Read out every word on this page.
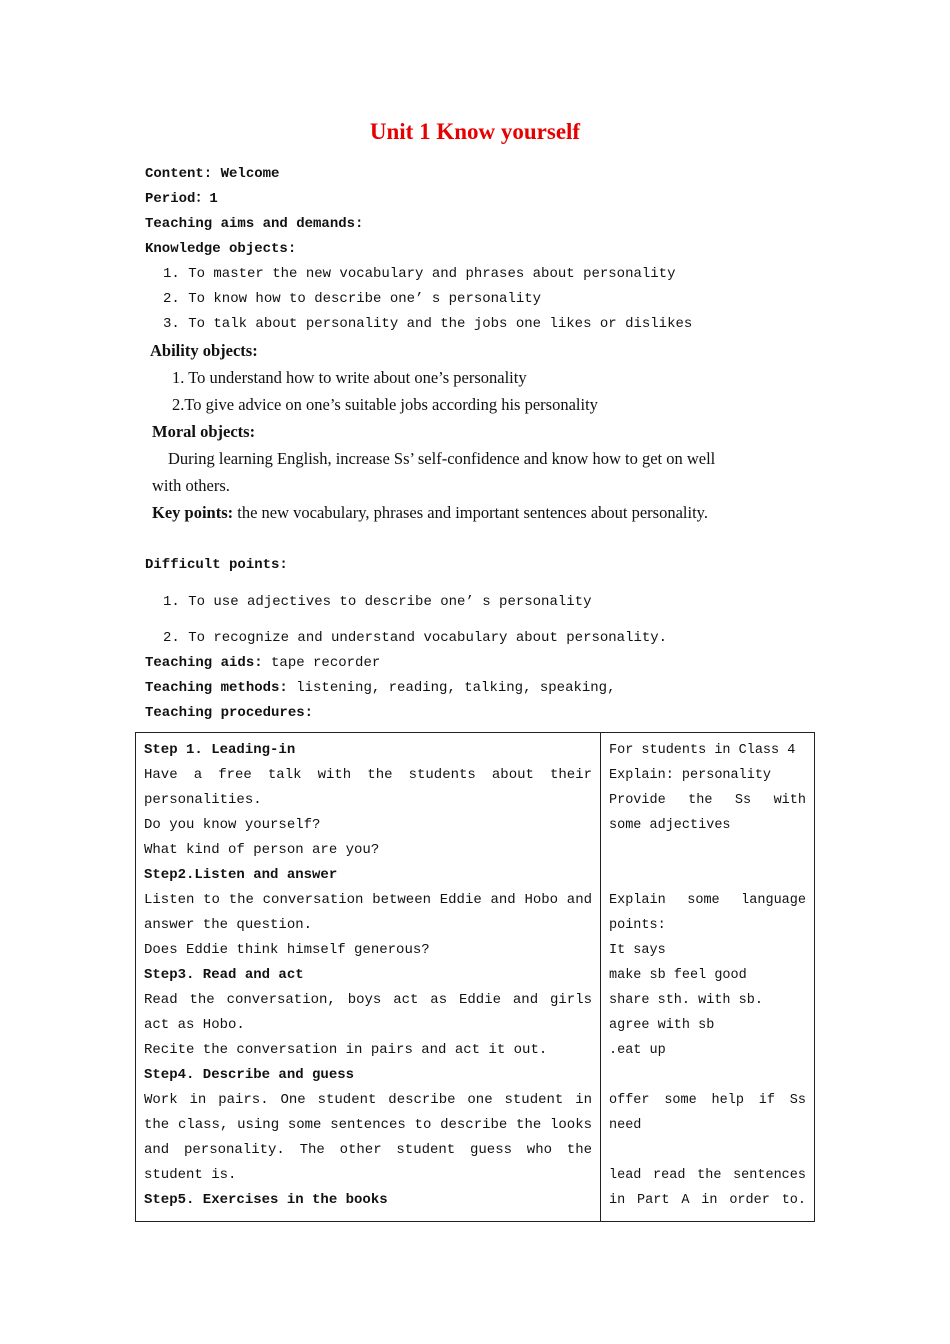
Unit 1 Know yourself
Content: Welcome
Period：1
Teaching aims and demands:
Knowledge objects:
1. To master the new vocabulary and phrases about personality
2. To know how to describe one’ s personality
3. To talk about personality and the jobs one likes or dislikes
Ability objects:
1. To understand how to write about one’s personality
2.To give advice on one’s suitable jobs according his personality
Moral objects:
During learning English, increase Ss’ self-confidence and know how to get on well
with others.
Key points: the new vocabulary, phrases and important sentences about personality.
Difficult points:
1. To use adjectives to describe one’ s personality
2. To recognize and understand vocabulary about personality.
Teaching aids: tape recorder
Teaching methods: listening, reading, talking, speaking,
Teaching procedures:
Step 1. Leading-in
Have a free talk with the students about their
personalities.
Do you know yourself?
What kind of person are you?
Step2.Listen and answer
Listen to the conversation between Eddie and Hobo and
answer the question.
Does Eddie think himself generous?
Step3. Read and act
Read the conversation, boys act as Eddie and girls
act as Hobo.
Recite the conversation in pairs and act it out.
Step4. Describe and guess
Work in pairs. One student describe one student in
the class, using some sentences to describe the looks
and personality. The other student guess who the
student is.
Step5. Exercises in the books
For students in Class 4
Explain: personality
Provide the Ss with
some adjectives

Explain some language
points:
It says
make sb feel good
share sth. with sb.
agree with sb
.eat up

offer some help if Ss
need

lead read the sentences
in Part A in order to.
